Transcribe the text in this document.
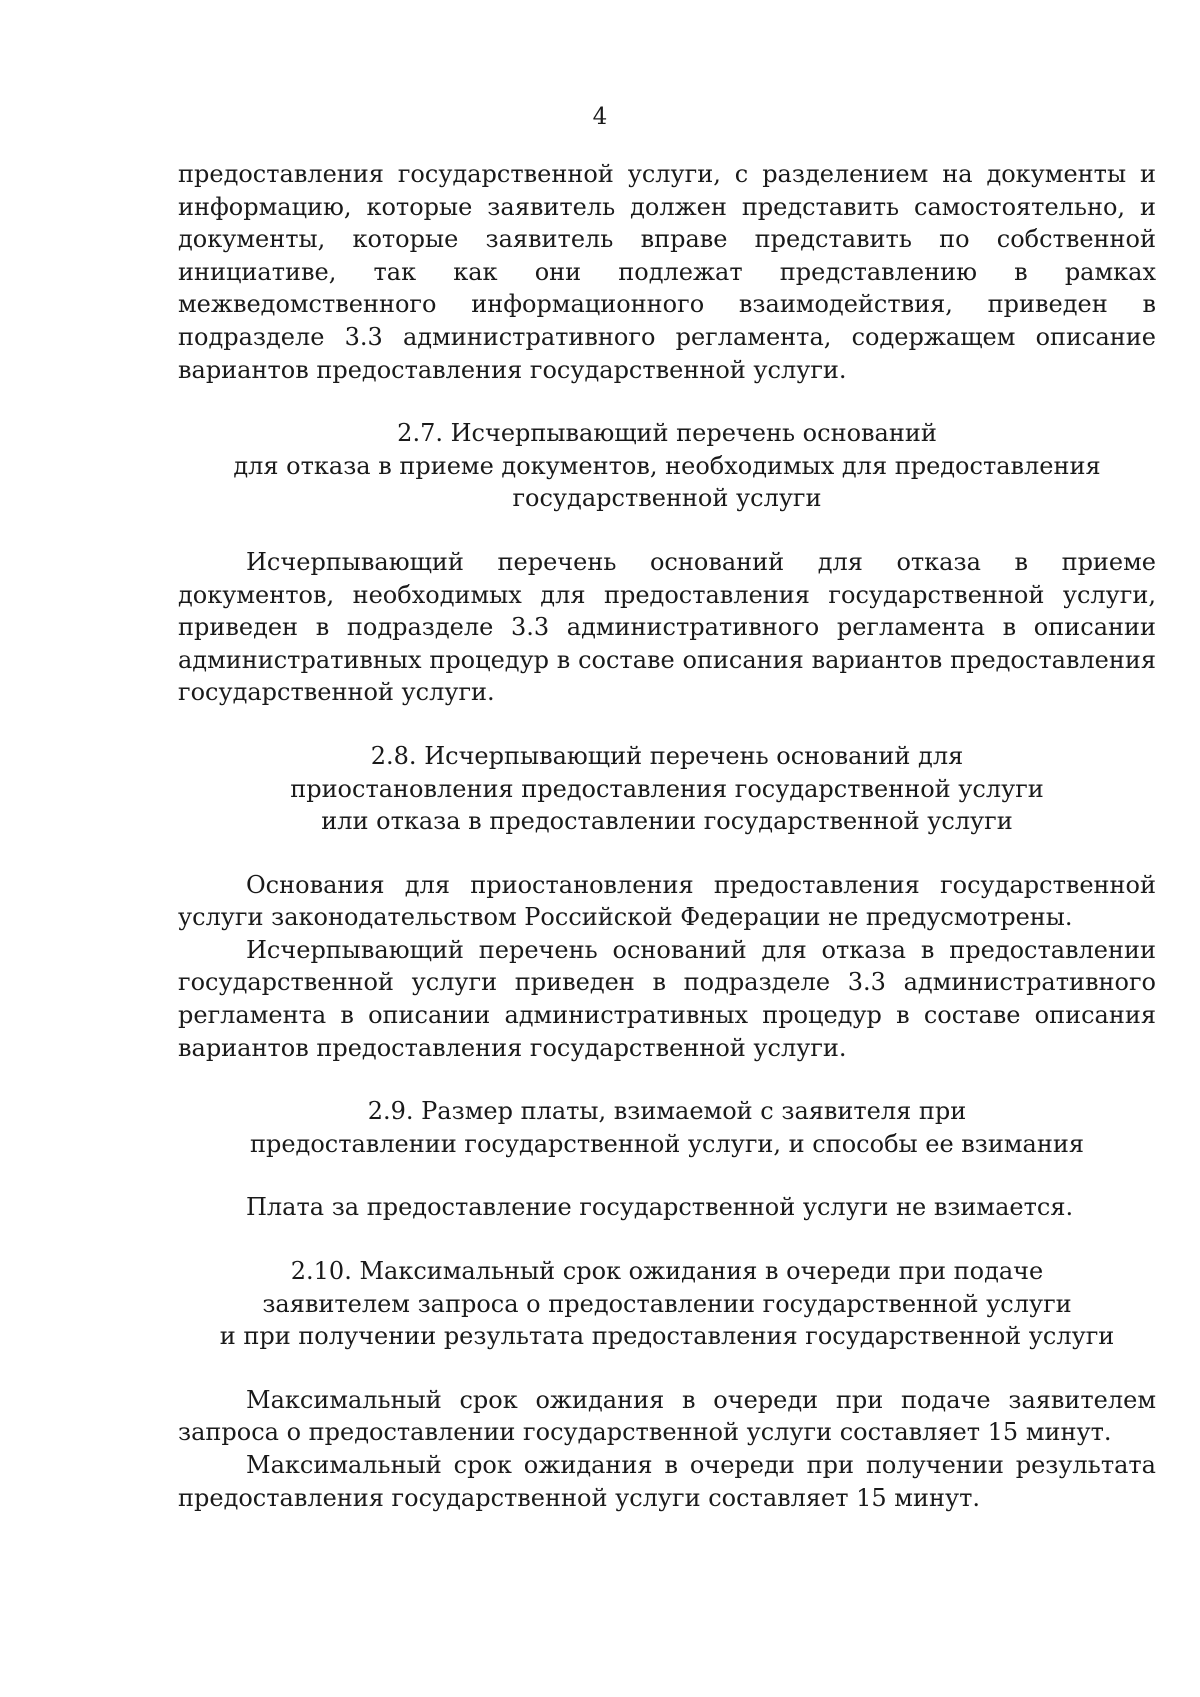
4

предоставления государственной услуги, с разделением на документы и информацию, которые заявитель должен представить самостоятельно, и документы, которые заявитель вправе представить по собственной инициативе, так как они подлежат представлению в рамках межведомственного информационного взаимодействия, приведен в подразделе 3.3 административного регламента, содержащем описание вариантов предоставления государственной услуги.

2.7. Исчерпывающий перечень оснований
для отказа в приеме документов, необходимых для предоставления
государственной услуги

Исчерпывающий перечень оснований для отказа в приеме документов, необходимых для предоставления государственной услуги, приведен в подразделе 3.3 административного регламента в описании административных процедур в составе описания вариантов предоставления государственной услуги.

2.8. Исчерпывающий перечень оснований для
приостановления предоставления государственной услуги
или отказа в предоставлении государственной услуги

Основания для приостановления предоставления государственной услуги законодательством Российской Федерации не предусмотрены.

Исчерпывающий перечень оснований для отказа в предоставлении государственной услуги приведен в подразделе 3.3 административного регламента в описании административных процедур в составе описания вариантов предоставления государственной услуги.

2.9. Размер платы, взимаемой с заявителя при
предоставлении государственной услуги, и способы ее взимания

Плата за предоставление государственной услуги не взимается.

2.10. Максимальный срок ожидания в очереди при подаче
заявителем запроса о предоставлении государственной услуги
и при получении результата предоставления государственной услуги

Максимальный срок ожидания в очереди при подаче заявителем запроса о предоставлении государственной услуги составляет 15 минут.

Максимальный срок ожидания в очереди при получении результата предоставления государственной услуги составляет 15 минут.
